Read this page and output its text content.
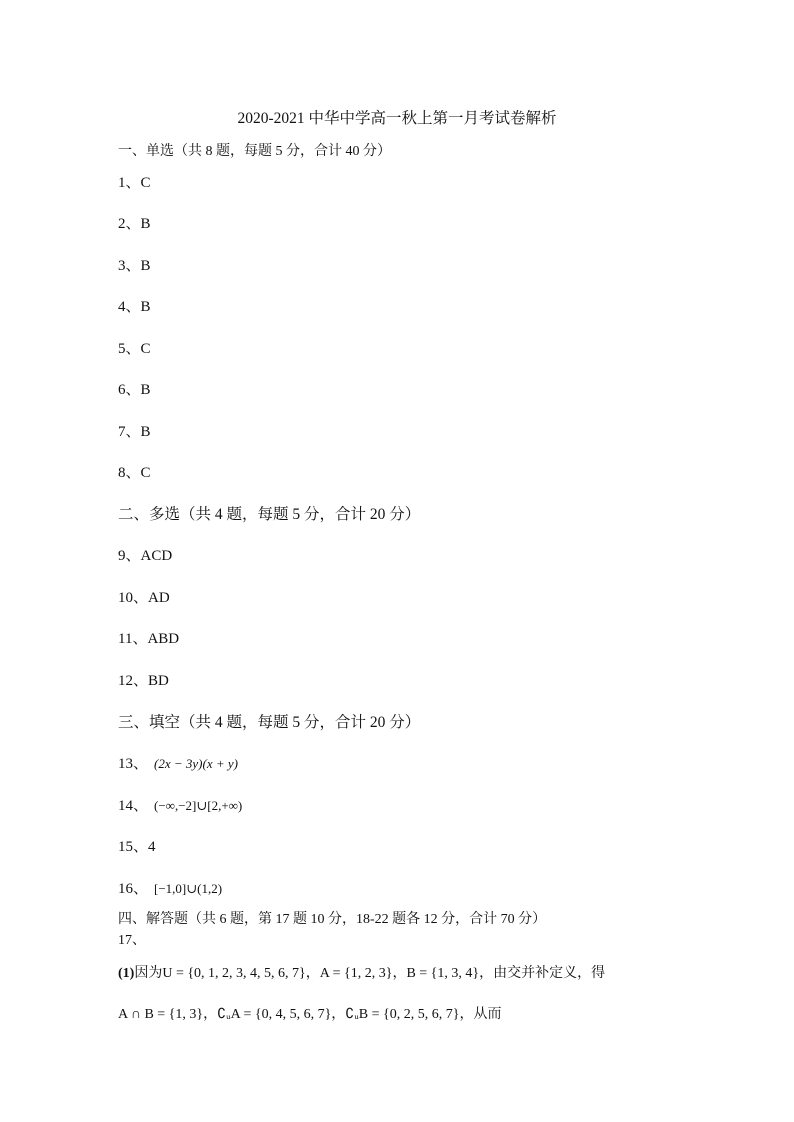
2020-2021 中华中学高一秋上第一月考试卷解析
一、单选（共 8 题，每题 5 分，合计 40 分）
1、C
2、B
3、B
4、B
5、C
6、B
7、B
8、C
二、多选（共 4 题，每题 5 分，合计 20 分）
9、ACD
10、AD
11、ABD
12、BD
三、填空（共 4 题，每题 5 分，合计 20 分）
13、 (2x − 3y)(x + y)
14、 (−∞,−2]∪[2,+∞)
15、4
16、 [−1,0]∪(1,2)
四、解答题（共 6 题，第 17 题 10 分，18-22 题各 12 分，合计 70 分）
17、
(1)因为U = {0, 1, 2, 3, 4, 5, 6, 7}，A = {1, 2, 3}，B = {1, 3, 4}，由交并补定义，得
A ∩ B = {1, 3}，∁ᵤA = {0, 4, 5, 6, 7}，∁ᵤB = {0, 2, 5, 6, 7}，从而
